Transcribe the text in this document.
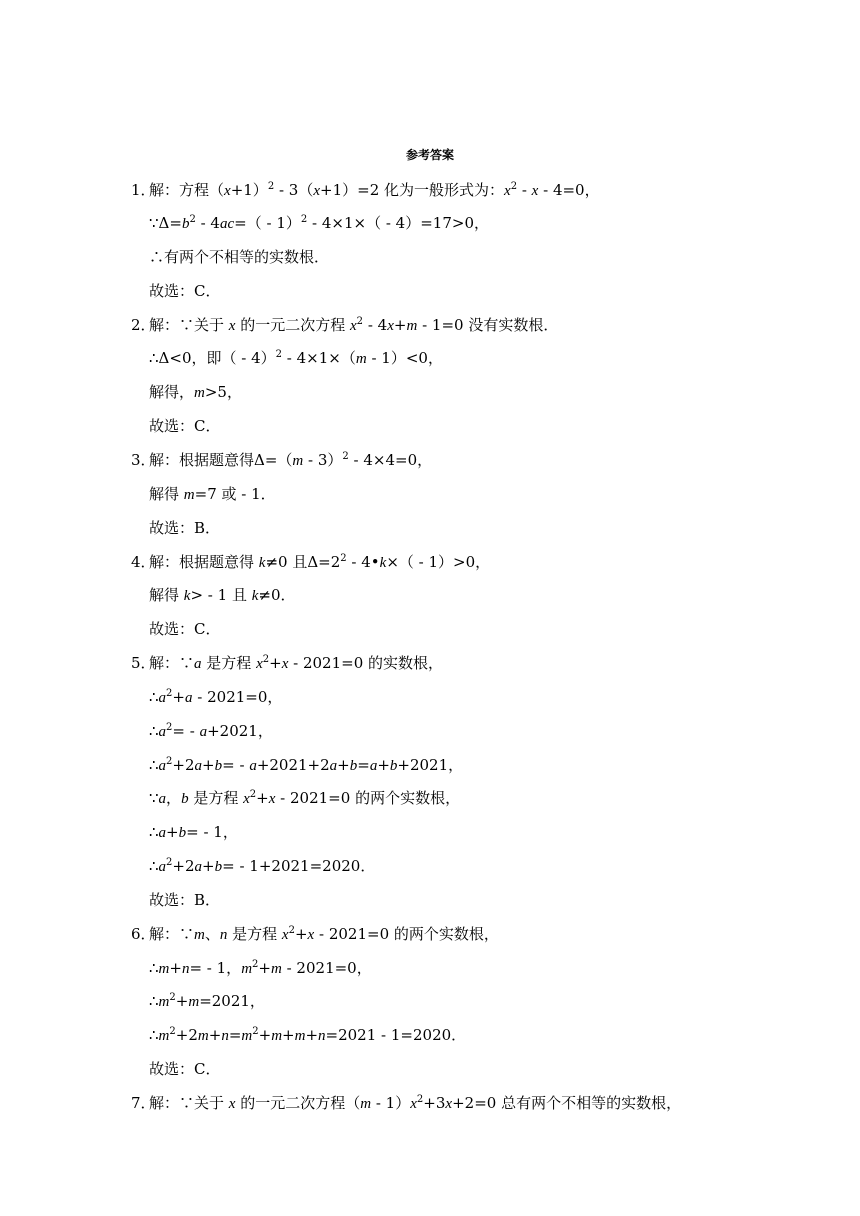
参考答案
1．
解：方程$(x+1)^2 - 3(x+1)=2$ 化为一般形式为：$x^2 - x - 4=0$，
$\because\Delta=b^2 - 4ac=( - 1)^2 - 4\times 1\times( - 4)=17>0$，
∴有两个不相等的实数根．
故选：C．
2．
解：∵关于 x 的一元二次方程 $x^2 - 4x+m - 1=0$ 没有实数根．
∴Δ<0，即（ - 4）$^2$ - 4×1×（m - 1）<0，
解得，m>5，
故选：C．
3．
解：根据题意得Δ=（m - 3）$^2$ - 4×4=0，
解得 m=7 或 - 1．
故选：B．
4．
解：根据题意得 k≠0 且$\Delta=2^2$ - 4•k×（ - 1）>0，
解得 k> - 1 且 k≠0．
故选：C．
5．
解：∵a 是方程 $x^2+x - 2021=0$ 的实数根，
$\therefore a^2+a - 2021=0$，
$\therefore a^2= - a+2021$，
$\therefore a^2+2a+b= - a+2021+2a+b=a+b+2021$，
∵a，b 是方程 $x^2+x - 2021=0$ 的两个实数根，
∴a+b= - 1，
$\therefore a^2+2a+b= - 1+2021=2020$．
故选：B．
6．
解：∵m、n 是方程 $x^2+x - 2021=0$ 的两个实数根，
∴m+n= - 1，$m^2+m - 2021=0$，
$\therefore m^2+m=2021$，
$\therefore m^2+2m+n=m^2+m+m+n=2021 - 1=2020$．
故选：C．
7．
解：∵关于 x 的一元二次方程$(m - 1)x^2+3x+2=0$ 总有两个不相等的实数根，
